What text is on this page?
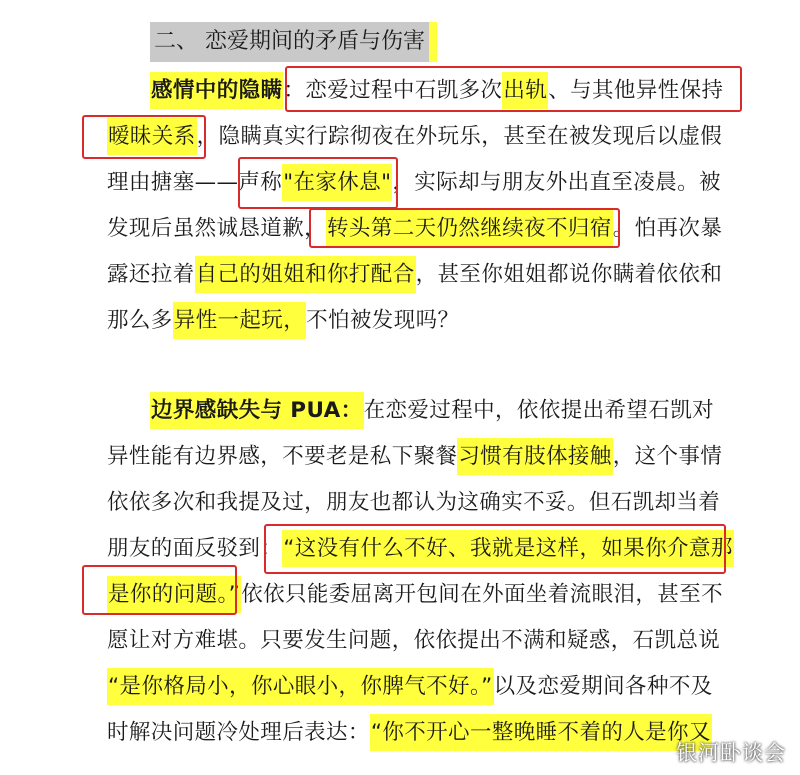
二、 恋爱期间的矛盾与伤害
感情中的隐瞒：恋爱过程中石凯多次出轨、与其他异性保持
暧昧关系，隐瞒真实行踪彻夜在外玩乐，甚至在被发现后以虚假
理由搪塞——声称"在家休息"，实际却与朋友外出直至凌晨。被
发现后虽然诚恳道歉，转头第二天仍然继续夜不归宿。怕再次暴
露还拉着自己的姐姐和你打配合，甚至你姐姐都说你瞒着依依和
那么多异性一起玩，不怕被发现吗？
边界感缺失与 PUA：在恋爱过程中，依依提出希望石凯对
异性能有边界感，不要老是私下聚餐习惯有肢体接触，这个事情
依依多次和我提及过，朋友也都认为这确实不妥。但石凯却当着
朋友的面反驳到：“这没有什么不好、我就是这样，如果你介意那
是你的问题。”依依只能委屈离开包间在外面坐着流眼泪，甚至不
愿让对方难堪。只要发生问题，依依提出不满和疑惑，石凯总说
“是你格局小，你心眼小，你脾气不好。”以及恋爱期间各种不及
时解决问题冷处理后表达：“你不开心一整晚睡不着的人是你又
银河卧谈会
